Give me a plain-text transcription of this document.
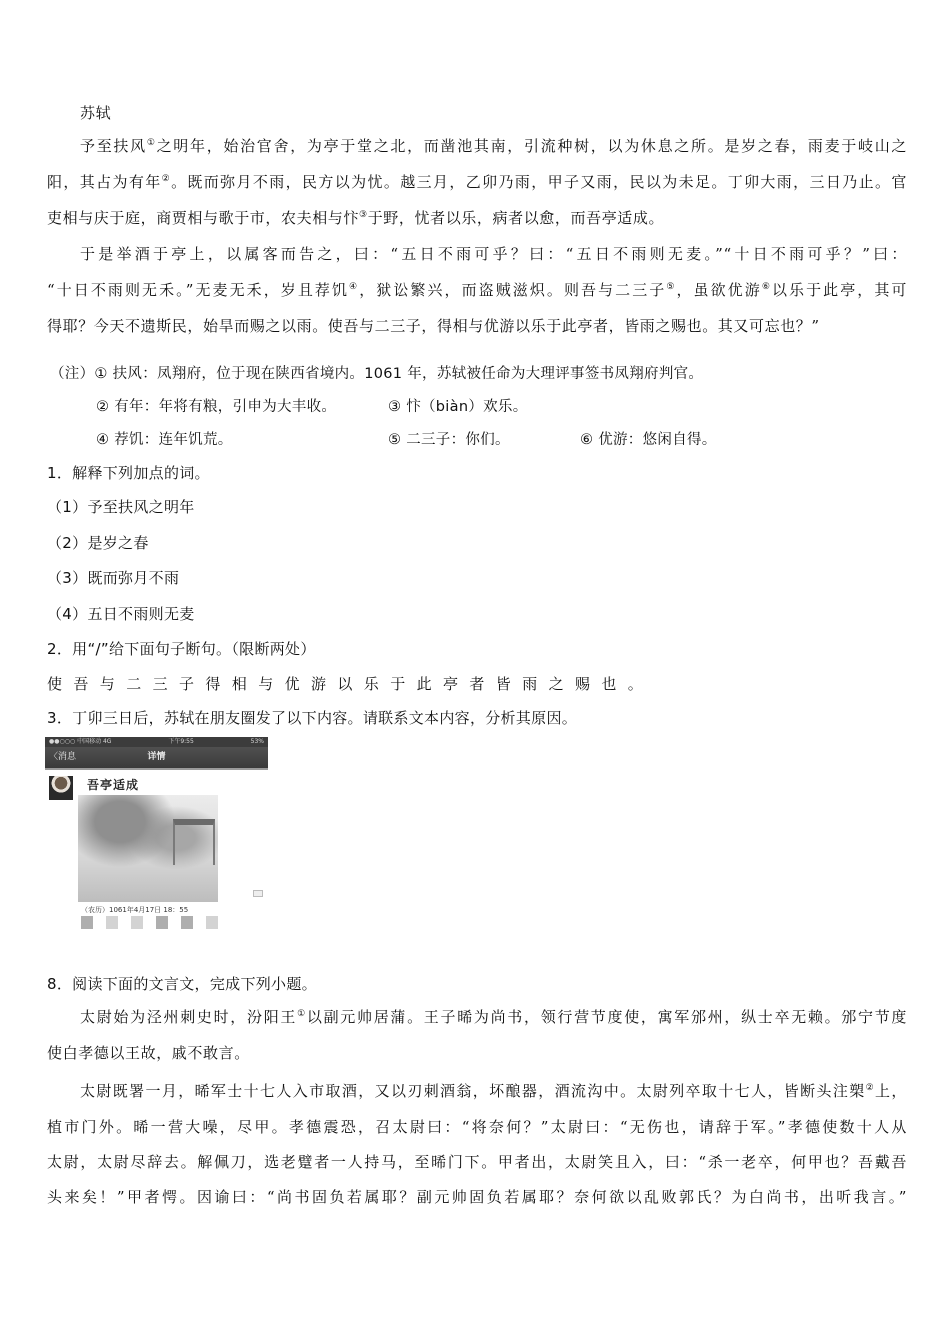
苏轼
予至扶风①之明年，始治官舍，为亭于堂之北，而凿池其南，引流种树，以为休息之所。是岁之春，雨麦于岐山之
阳，其占为有年②。既而弥月不雨，民方以为忧。越三月，乙卯乃雨，甲子又雨，民以为未足。丁卯大雨，三日乃止。官
吏相与庆于庭，商贾相与歌于市，农夫相与忭③于野，忧者以乐，病者以愈，而吾亭适成。
于是举酒于亭上，以属客而告之，曰：“五日不雨可乎？曰：“五日不雨则无麦。”“十日不雨可乎？”曰：
“十日不雨则无禾。”无麦无禾，岁且荐饥④，狱讼繁兴，而盗贼滋炽。则吾与二三子⑤，虽欲优游⑥以乐于此亭，其可
得耶？今天不遗斯民，始旱而赐之以雨。使吾与二三子，得相与优游以乐于此亭者，皆雨之赐也。其又可忘也？”
（注）① 扶风：凤翔府，位于现在陕西省境内。1061 年，苏轼被任命为大理评事签书凤翔府判官。
② 有年：年将有粮，引申为大丰收。	③ 忭（biàn）欢乐。
④ 荐饥：连年饥荒。	⑤ 二三子：你们。	⑥ 优游：悠闲自得。
1．解释下列加点的词。
（1）予至扶风之明年
（2）是岁之春
（3）既而弥月不雨
（4）五日不雨则无麦
2．用“/”给下面句子断句。（限断两处）
使吾与二三子得相与优游以乐于此亭者皆雨之赐也。
3．丁卯三日后，苏轼在朋友圈发了以下内容。请联系文本内容，分析其原因。
●●○○○ 中国移动 4G	下午9:55	53%
〈消息	详情
吾亭适成
（农历）1061年4月17日 18：55
8．阅读下面的文言文，完成下列小题。
太尉始为泾州刺史时，汾阳王①以副元帅居蒲。王子晞为尚书，领行营节度使，寓军邠州，纵士卒无赖。邠宁节度
使白孝德以王故，戚不敢言。
太尉既署一月，晞军士十七人入市取酒，又以刃刺酒翁，坏酿器，酒流沟中。太尉列卒取十七人，皆断头注槊②上，
植市门外。晞一营大噪，尽甲。孝德震恐，召太尉曰：“将奈何？”太尉曰：“无伤也，请辞于军。”孝德使数十人从
太尉，太尉尽辞去。解佩刀，选老躄者一人持马，至晞门下。甲者出，太尉笑且入，曰：“杀一老卒，何甲也？吾戴吾
头来矣！”甲者愕。因谕曰：“尚书固负若属耶？副元帅固负若属耶？奈何欲以乱败郭氏？为白尚书，出听我言。”
